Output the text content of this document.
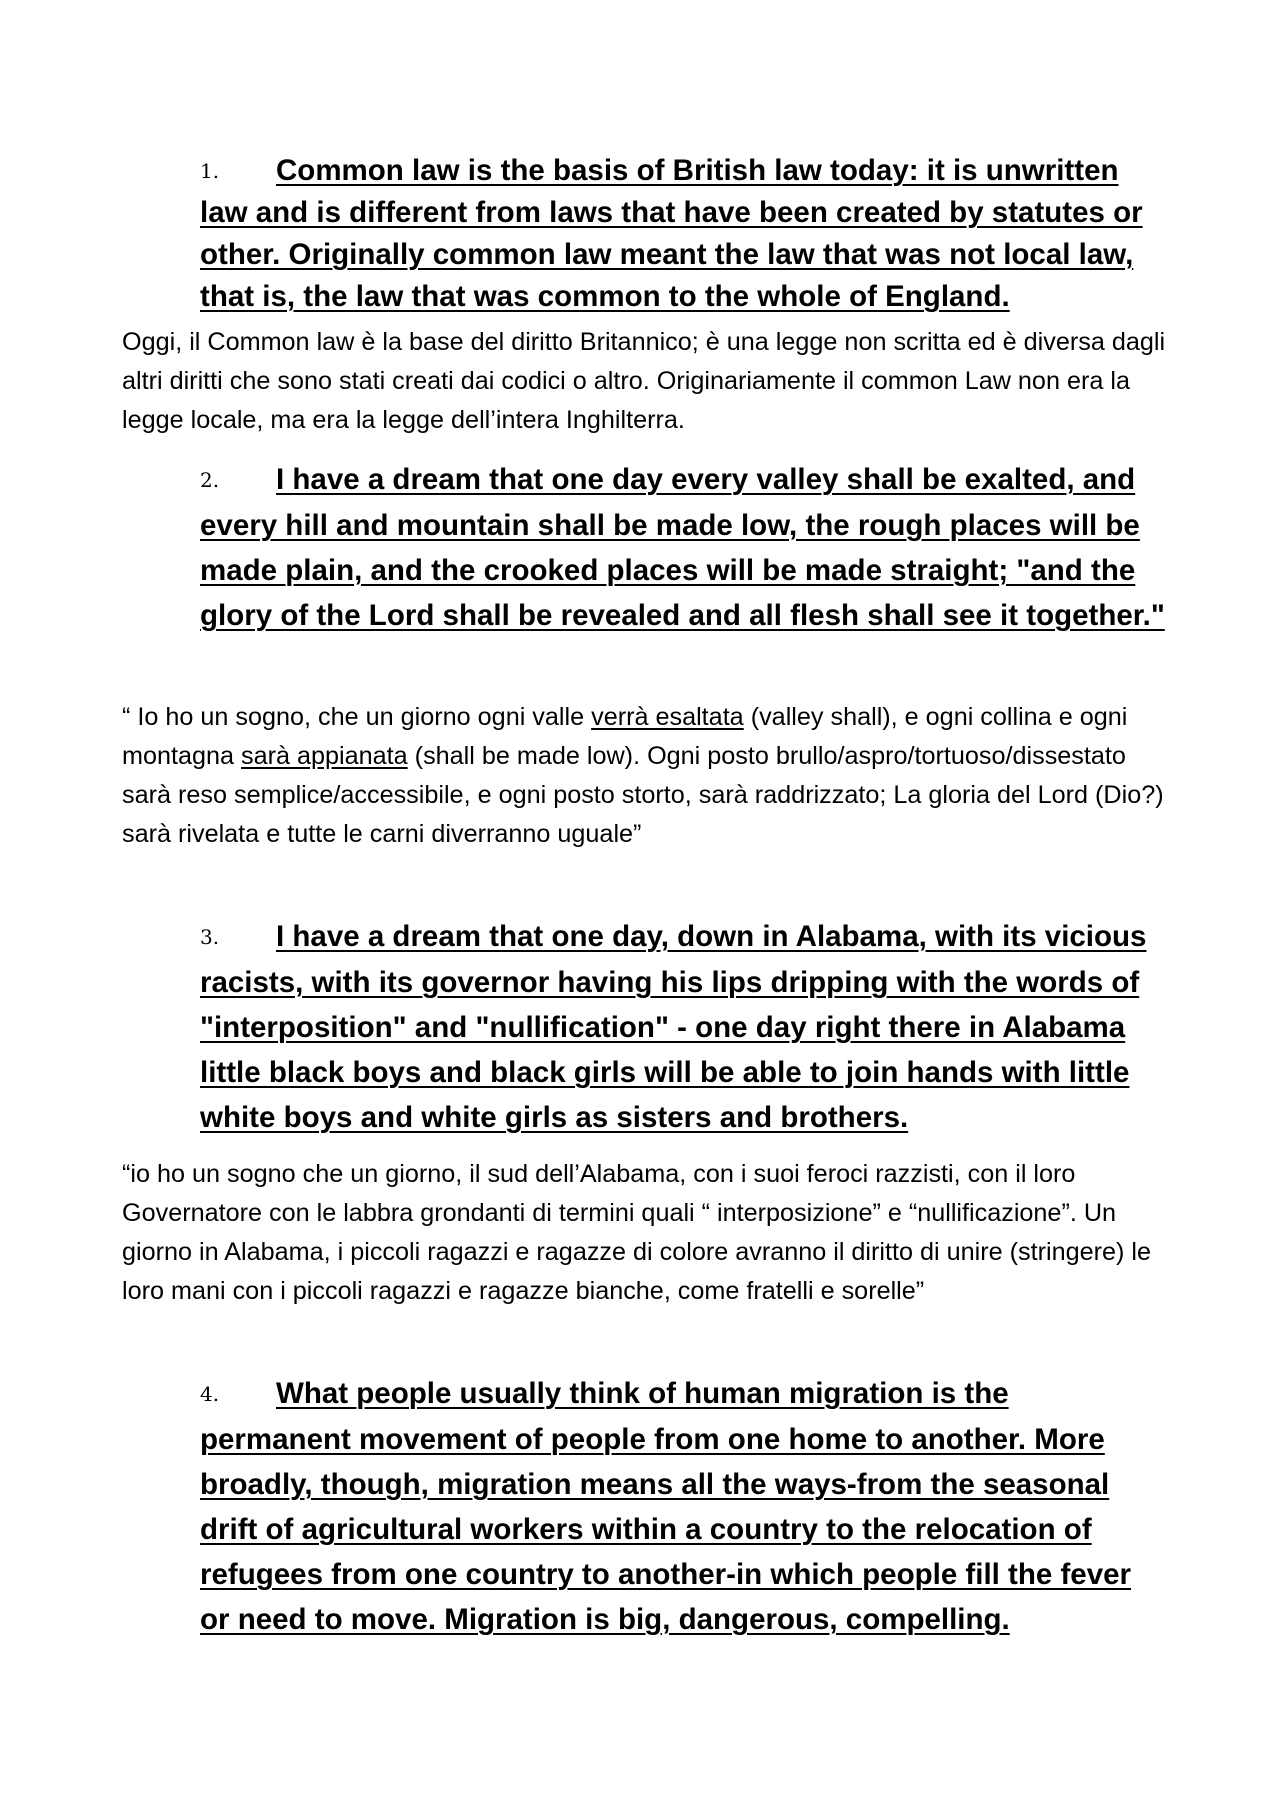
1. Common law is the basis of British law today: it is unwritten law and is different from laws that have been created by statutes or other. Originally common law meant the law that was not local law, that is, the law that was common to the whole of England.

Oggi, il Common law è la base del diritto Britannico; è una legge non scritta ed è diversa dagli altri diritti che sono stati creati dai codici o altro. Originariamente il common Law non era la legge locale, ma era la legge dell’intera Inghilterra.

2. I have a dream that one day every valley shall be exalted, and every hill and mountain shall be made low, the rough places will be made plain, and the crooked places will be made straight; "and the glory of the Lord shall be revealed and all flesh shall see it together."

“ Io ho un sogno, che un giorno ogni valle verrà esaltata (valley shall), e ogni collina e ogni montagna sarà appianata (shall be made low). Ogni posto brullo/aspro/tortuoso/dissestato sarà reso semplice/accessibile, e ogni posto storto, sarà raddrizzato; La gloria del Lord (Dio?) sarà rivelata e tutte le carni diverranno uguale”

3. I have a dream that one day, down in Alabama, with its vicious racists, with its governor having his lips dripping with the words of "interposition" and "nullification" - one day right there in Alabama little black boys and black girls will be able to join hands with little white boys and white girls as sisters and brothers.

“io ho un sogno che un giorno, il sud dell’Alabama, con i suoi feroci razzisti, con il loro Governatore con le labbra grondanti di termini quali “ interposizione” e “nullificazione”. Un giorno in Alabama, i piccoli ragazzi e ragazze di colore avranno il diritto di unire (stringere) le loro mani con i piccoli ragazzi e ragazze bianche, come fratelli e sorelle”

4. What people usually think of human migration is the permanent movement of people from one home to another. More broadly, though, migration means all the ways-from the seasonal drift of agricultural workers within a country to the relocation of refugees from one country to another-in which people fill the fever or need to move. Migration is big, dangerous, compelling.
